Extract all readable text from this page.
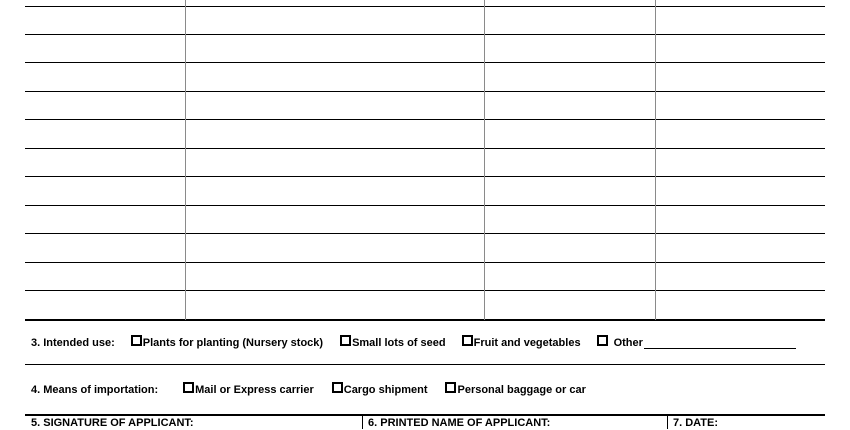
3. Intended use:	Plants for planting (Nursery stock)	Small lots of seed	Fruit and vegetables	Other
4. Means of importation:	Mail or Express carrier	Cargo shipment	Personal baggage or car
5. SIGNATURE OF APPLICANT:	6. PRINTED NAME OF APPLICANT:	7. DATE:
